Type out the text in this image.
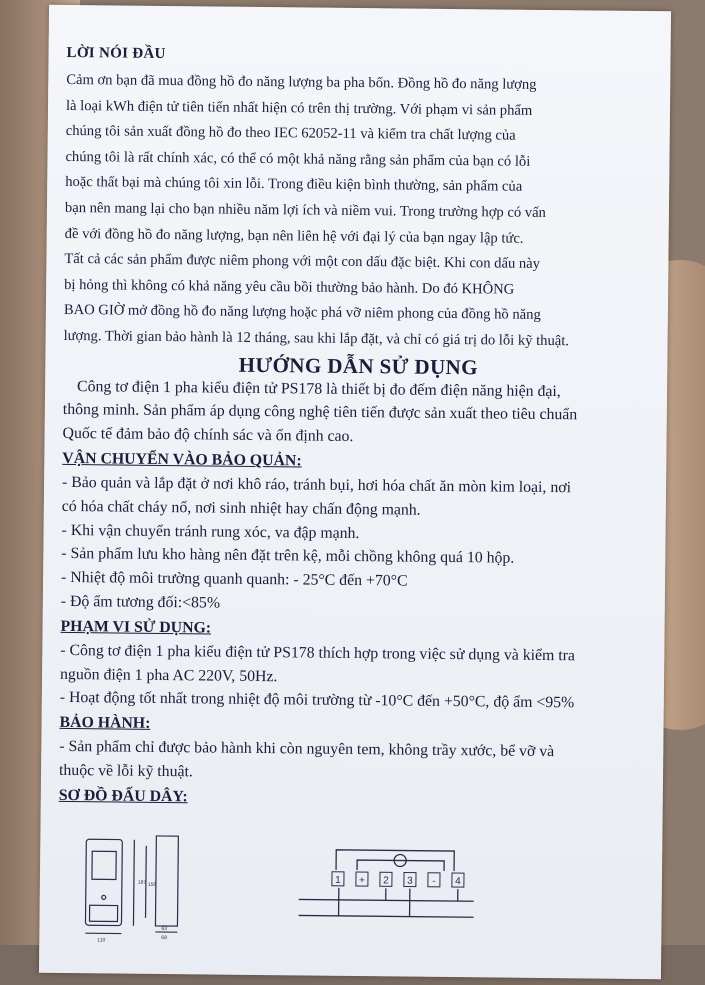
LỜI NÓI ĐẦU

Cảm ơn bạn đã mua đồng hồ đo năng lượng ba pha bốn. Đồng hồ đo năng lượng

là loại kWh điện tử tiên tiến nhất hiện có trên thị trường. Với phạm vi sản phẩm

chúng tôi sản xuất đồng hồ đo theo IEC 62052-11 và kiểm tra chất lượng của

chúng tôi là rất chính xác, có thể có một khả năng rằng sản phẩm của bạn có lỗi

hoặc thất bại mà chúng tôi xin lỗi. Trong điều kiện bình thường, sản phẩm của

bạn nên mang lại cho bạn nhiều năm lợi ích và niềm vui. Trong trường hợp có vấn

đề với đồng hồ đo năng lượng, bạn nên liên hệ với đại lý của bạn ngay lập tức.

Tất cả các sản phẩm được niêm phong với một con dấu đặc biệt. Khi con dấu này

bị hỏng thì không có khả năng yêu cầu bồi thường bảo hành. Do đó KHÔNG

BAO GIỜ mở đồng hồ đo năng lượng hoặc phá vỡ niêm phong của đồng hồ năng

lượng. Thời gian bảo hành là 12 tháng, sau khi lắp đặt, và chỉ có giá trị do lỗi kỹ thuật.

HƯỚNG DẪN SỬ DỤNG

Công tơ điện 1 pha kiểu điện tử PS178 là thiết bị đo đếm điện năng hiện đại,

thông minh. Sản phẩm áp dụng công nghệ tiên tiến được sản xuất theo tiêu chuẩn

Quốc tế đảm bảo độ chính sác và ổn định cao.

VẬN CHUYỂN VÀO BẢO QUẢN:

- Bảo quản và lắp đặt ở nơi khô ráo, tránh bụi, hơi hóa chất ăn mòn kim loại, nơi

có hóa chất cháy nổ, nơi sinh nhiệt hay chấn động mạnh.

- Khi vận chuyển tránh rung xóc, va đập mạnh.

- Sản phẩm lưu kho hàng nên đặt trên kệ, mỗi chồng không quá 10 hộp.

- Nhiệt độ môi trường quanh quanh: - 25°C đến +70°C

- Độ ẩm tương đối:<85%

PHẠM VI SỬ DỤNG:

- Công tơ điện 1 pha kiểu điện tử PS178 thích hợp trong việc sử dụng và kiểm tra

nguồn điện 1 pha AC 220V, 50Hz.

- Hoạt động tốt nhất trong nhiệt độ môi trường từ -10°C đến +50°C, độ ẩm <95%

BẢO HÀNH:

- Sản phẩm chỉ được bảo hành khi còn nguyên tem, không trầy xước, bể vỡ và

thuộc về lỗi kỹ thuật.

SƠ ĐỒ ĐẤU DÂY:
187 156
63
68
110
1 + 2 3 - 4
